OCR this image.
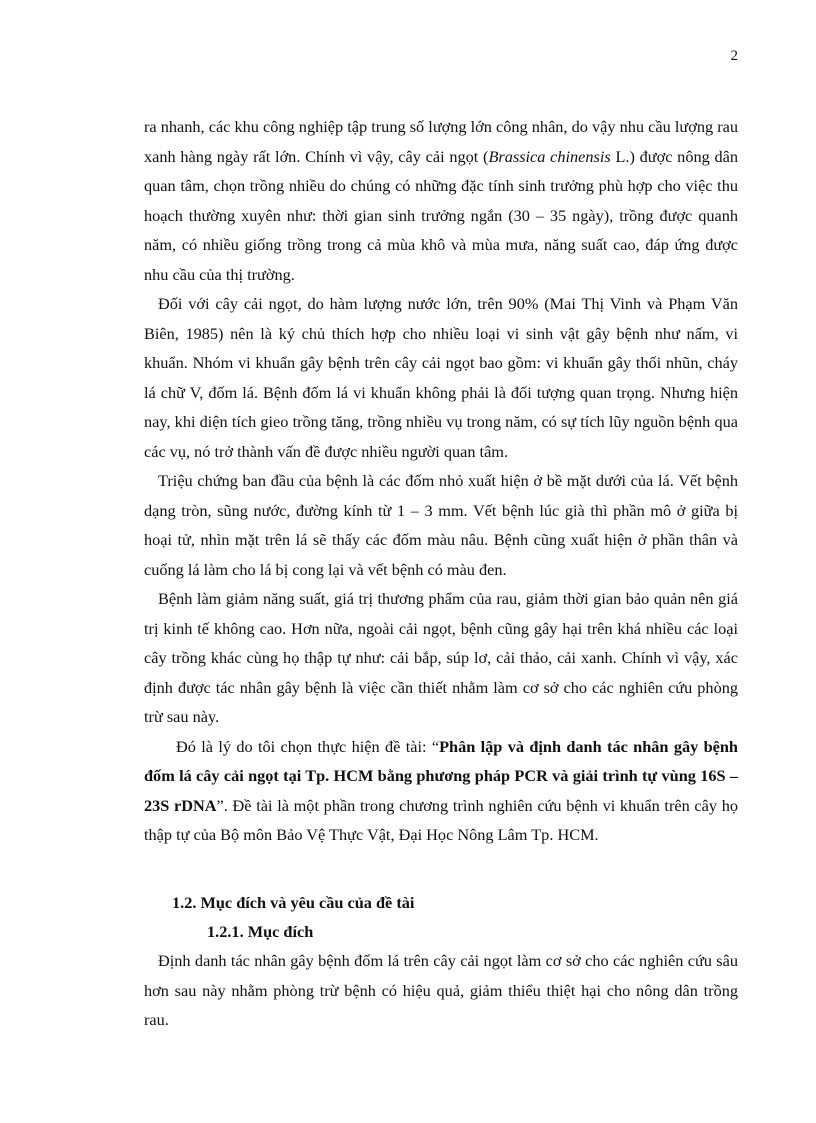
2

ra nhanh, các khu công nghiệp tập trung số lượng lớn công nhân, do vậy nhu cầu lượng rau xanh hàng ngày rất lớn. Chính vì vậy, cây cải ngọt (Brassica chinensis L.) được nông dân quan tâm, chọn trồng nhiều do chúng có những đặc tính sinh trưởng phù hợp cho việc thu hoạch thường xuyên như: thời gian sinh trưởng ngắn (30 – 35 ngày), trồng được quanh năm, có nhiều giống trồng trong cả mùa khô và mùa mưa, năng suất cao, đáp ứng được nhu cầu của thị trường.

Đối với cây cải ngọt, do hàm lượng nước lớn, trên 90% (Mai Thị Vinh và Phạm Văn Biên, 1985) nên là ký chủ thích hợp cho nhiều loại vi sinh vật gây bệnh như nấm, vi khuẩn. Nhóm vi khuẩn gây bệnh trên cây cải ngọt bao gồm: vi khuẩn gây thối nhũn, cháy lá chữ V, đốm lá. Bệnh đốm lá vi khuẩn không phải là đối tượng quan trọng. Nhưng hiện nay, khi diện tích gieo trồng tăng, trồng nhiều vụ trong năm, có sự tích lũy nguồn bệnh qua các vụ, nó trở thành vấn đề được nhiều người quan tâm.

Triệu chứng ban đầu của bệnh là các đốm nhỏ xuất hiện ở bề mặt dưới của lá. Vết bệnh dạng tròn, sũng nước, đường kính từ 1 – 3 mm. Vết bệnh lúc già thì phần mô ở giữa bị hoại tử, nhìn mặt trên lá sẽ thấy các đốm màu nâu. Bệnh cũng xuất hiện ở phần thân và cuống lá làm cho lá bị cong lại và vết bệnh có màu đen.

Bệnh làm giảm năng suất, giá trị thương phẩm của rau, giảm thời gian bảo quản nên giá trị kinh tế không cao. Hơn nữa, ngoài cải ngọt, bệnh cũng gây hại trên khá nhiều các loại cây trồng khác cùng họ thập tự như: cải bắp, súp lơ, cải thảo, cải xanh. Chính vì vậy, xác định được tác nhân gây bệnh là việc cần thiết nhằm làm cơ sở cho các nghiên cứu phòng trừ sau này.

Đó là lý do tôi chọn thực hiện đề tài: “Phân lập và định danh tác nhân gây bệnh đốm lá cây cải ngọt tại Tp. HCM bằng phương pháp PCR và giải trình tự vùng 16S – 23S rDNA”. Đề tài là một phần trong chương trình nghiên cứu bệnh vi khuẩn trên cây họ thập tự của Bộ môn Bảo Vệ Thực Vật, Đại Học Nông Lâm Tp. HCM.

1.2. Mục đích và yêu cầu của đề tài
1.2.1. Mục đích

Định danh tác nhân gây bệnh đốm lá trên cây cải ngọt làm cơ sở cho các nghiên cứu sâu hơn sau này nhằm phòng trừ bệnh có hiệu quả, giảm thiểu thiệt hại cho nông dân trồng rau.
